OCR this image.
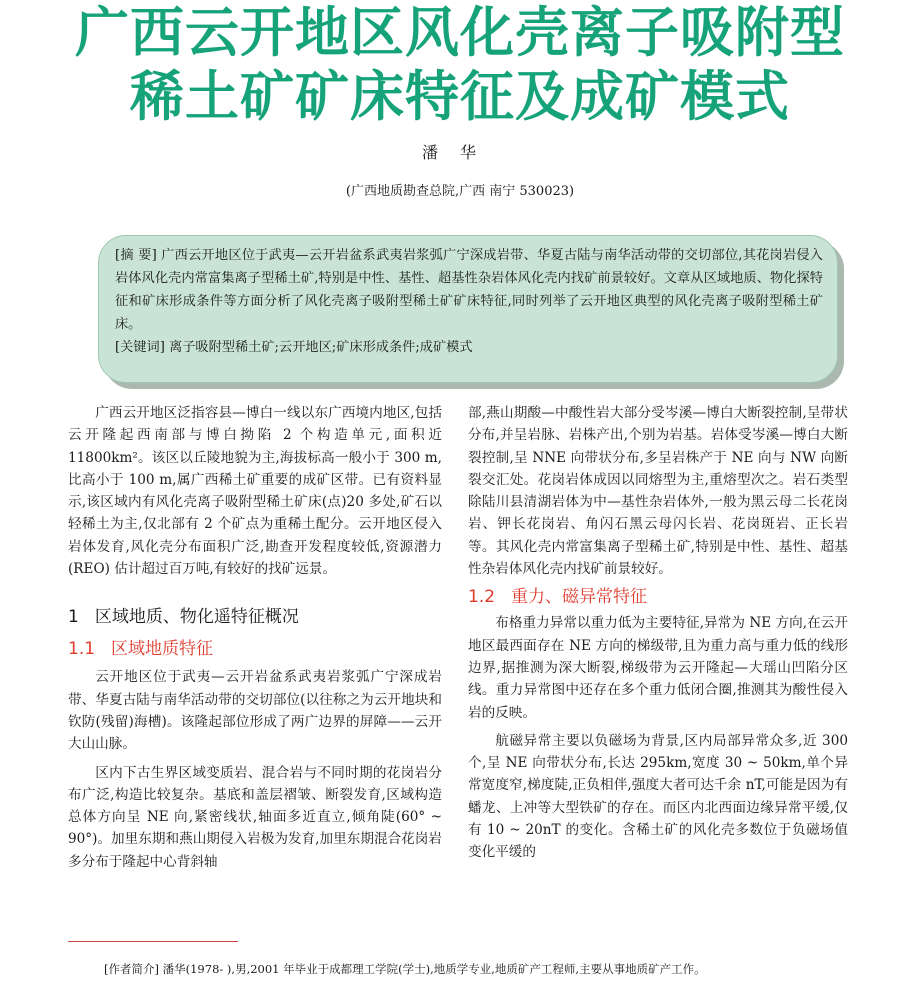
广西云开地区风化壳离子吸附型
稀土矿矿床特征及成矿模式
潘华
(广西地质勘查总院,广西 南宁 530023)

[摘 要] 广西云开地区位于武夷—云开岩盆系武夷岩浆弧广宁深成岩带、华夏古陆与南华活动带的交切部位,其花岗岩侵入岩体风化壳内常富集离子型稀土矿,特别是中性、基性、超基性杂岩体风化壳内找矿前景较好。文章从区域地质、物化探特征和矿床形成条件等方面分析了风化壳离子吸附型稀土矿矿床特征,同时列举了云开地区典型的风化壳离子吸附型稀土矿床。

[关键词] 离子吸附型稀土矿;云开地区;矿床形成条件;成矿模式

广西云开地区泛指容县—博白一线以东广西境内地区,包括云开隆起西南部与博白拗陷 2 个构造单元,面积近 11800km²。该区以丘陵地貌为主,海拔标高一般小于 300 m,比高小于 100 m,属广西稀土矿重要的成矿区带。已有资料显示,该区域内有风化壳离子吸附型稀土矿床(点)20 多处,矿石以轻稀土为主,仅北部有 2 个矿点为重稀土配分。云开地区侵入岩体发育,风化壳分布面积广泛,勘查开发程度较低,资源潜力(REO) 估计超过百万吨,有较好的找矿远景。

1 区域地质、物化遥特征概况
1.1 区域地质特征

云开地区位于武夷—云开岩盆系武夷岩浆弧广宁深成岩带、华夏古陆与南华活动带的交切部位(以往称之为云开地块和钦防(残留)海槽)。该隆起部位形成了两广边界的屏障——云开大山山脉。

区内下古生界区域变质岩、混合岩与不同时期的花岗岩分布广泛,构造比较复杂。基底和盖层褶皱、断裂发育,区域构造总体方向呈 NE 向,紧密线状,轴面多近直立,倾角陡(60° ~ 90°)。加里东期和燕山期侵入岩极为发育,加里东期混合花岗岩多分布于隆起中心背斜轴

部,燕山期酸—中酸性岩大部分受岑溪—博白大断裂控制,呈带状分布,并呈岩脉、岩株产出,个别为岩基。岩体受岑溪—博白大断裂控制,呈 NNE 向带状分布,多呈岩株产于 NE 向与 NW 向断裂交汇处。花岗岩体成因以同熔型为主,重熔型次之。岩石类型除陆川县清湖岩体为中—基性杂岩体外,一般为黑云母二长花岗岩、钾长花岗岩、角闪石黑云母闪长岩、花岗斑岩、正长岩等。其风化壳内常富集离子型稀土矿,特别是中性、基性、超基性杂岩体风化壳内找矿前景较好。

1.2 重力、磁异常特征

布格重力异常以重力低为主要特征,异常为 NE 方向,在云开地区最西面存在 NE 方向的梯级带,且为重力高与重力低的线形边界,据推测为深大断裂,梯级带为云开隆起—大瑶山凹陷分区线。重力异常图中还存在多个重力低闭合圈,推测其为酸性侵入岩的反映。

航磁异常主要以负磁场为背景,区内局部异常众多,近 300 个,呈 NE 向带状分布,长达 295km,宽度 30 ~ 50km,单个异常宽度窄,梯度陡,正负相伴,强度大者可达千余 nT,可能是因为有蟠龙、上冲等大型铁矿的存在。而区内北西面边缘异常平缓,仅有 10 ~ 20nT 的变化。含稀土矿的风化壳多数位于负磁场值变化平缓的

[作者简介] 潘华(1978- ),男,2001 年毕业于成都理工学院(学士),地质学专业,地质矿产工程师,主要从事地质矿产工作。
